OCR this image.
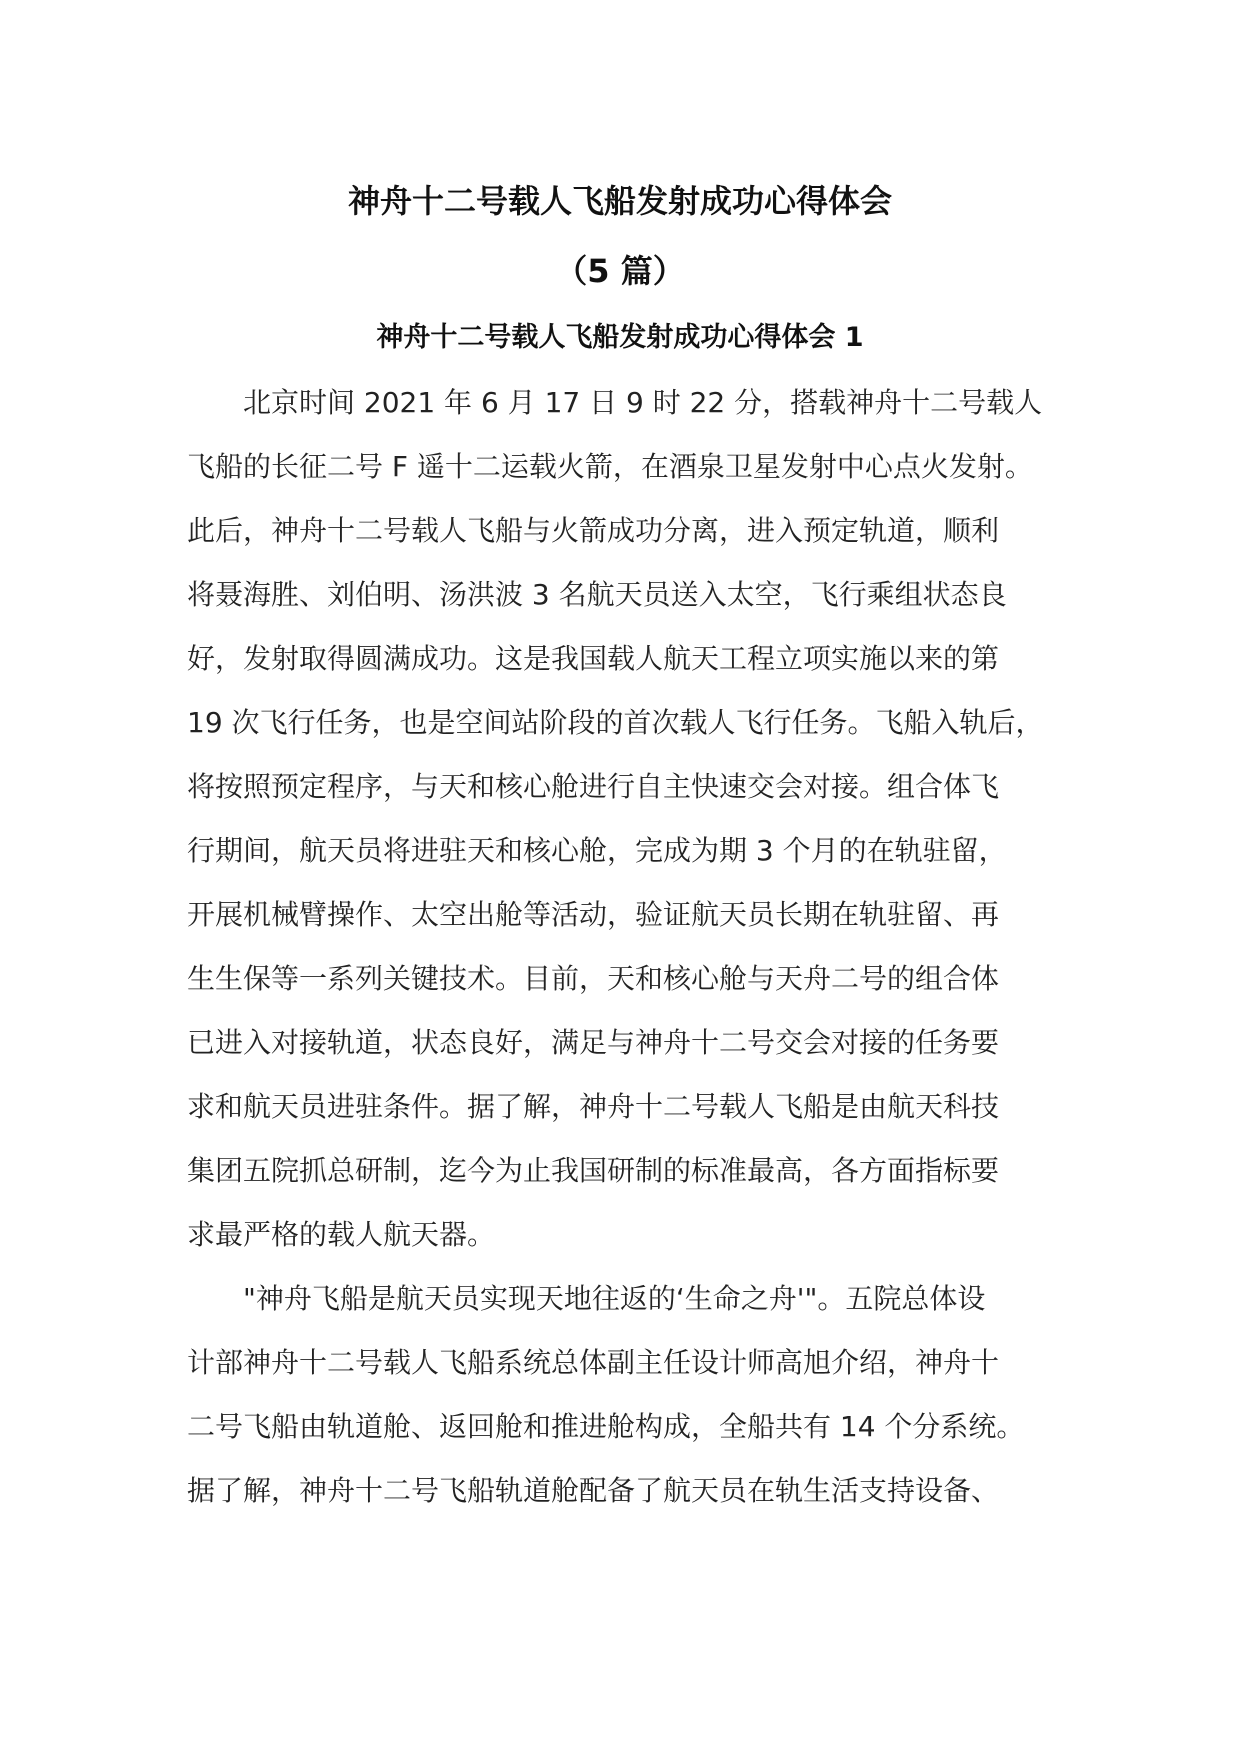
神舟十二号载人飞船发射成功心得体会
（5 篇）
神舟十二号载人飞船发射成功心得体会 1
　　北京时间 2021 年 6 月 17 日 9 时 22 分，搭载神舟十二号载人
飞船的长征二号 F 遥十二运载火箭，在酒泉卫星发射中心点火发射。
此后，神舟十二号载人飞船与火箭成功分离，进入预定轨道，顺利
将聂海胜、刘伯明、汤洪波 3 名航天员送入太空，飞行乘组状态良
好，发射取得圆满成功。这是我国载人航天工程立项实施以来的第
19 次飞行任务，也是空间站阶段的首次载人飞行任务。飞船入轨后，
将按照预定程序，与天和核心舱进行自主快速交会对接。组合体飞
行期间，航天员将进驻天和核心舱，完成为期 3 个月的在轨驻留，
开展机械臂操作、太空出舱等活动，验证航天员长期在轨驻留、再
生生保等一系列关键技术。目前，天和核心舱与天舟二号的组合体
已进入对接轨道，状态良好，满足与神舟十二号交会对接的任务要
求和航天员进驻条件。据了解，神舟十二号载人飞船是由航天科技
集团五院抓总研制，迄今为止我国研制的标准最高，各方面指标要
求最严格的载人航天器。
　　"神舟飞船是航天员实现天地往返的‘生命之舟'"。五院总体设
计部神舟十二号载人飞船系统总体副主任设计师高旭介绍，神舟十
二号飞船由轨道舱、返回舱和推进舱构成，全船共有 14 个分系统。
据了解，神舟十二号飞船轨道舱配备了航天员在轨生活支持设备、
